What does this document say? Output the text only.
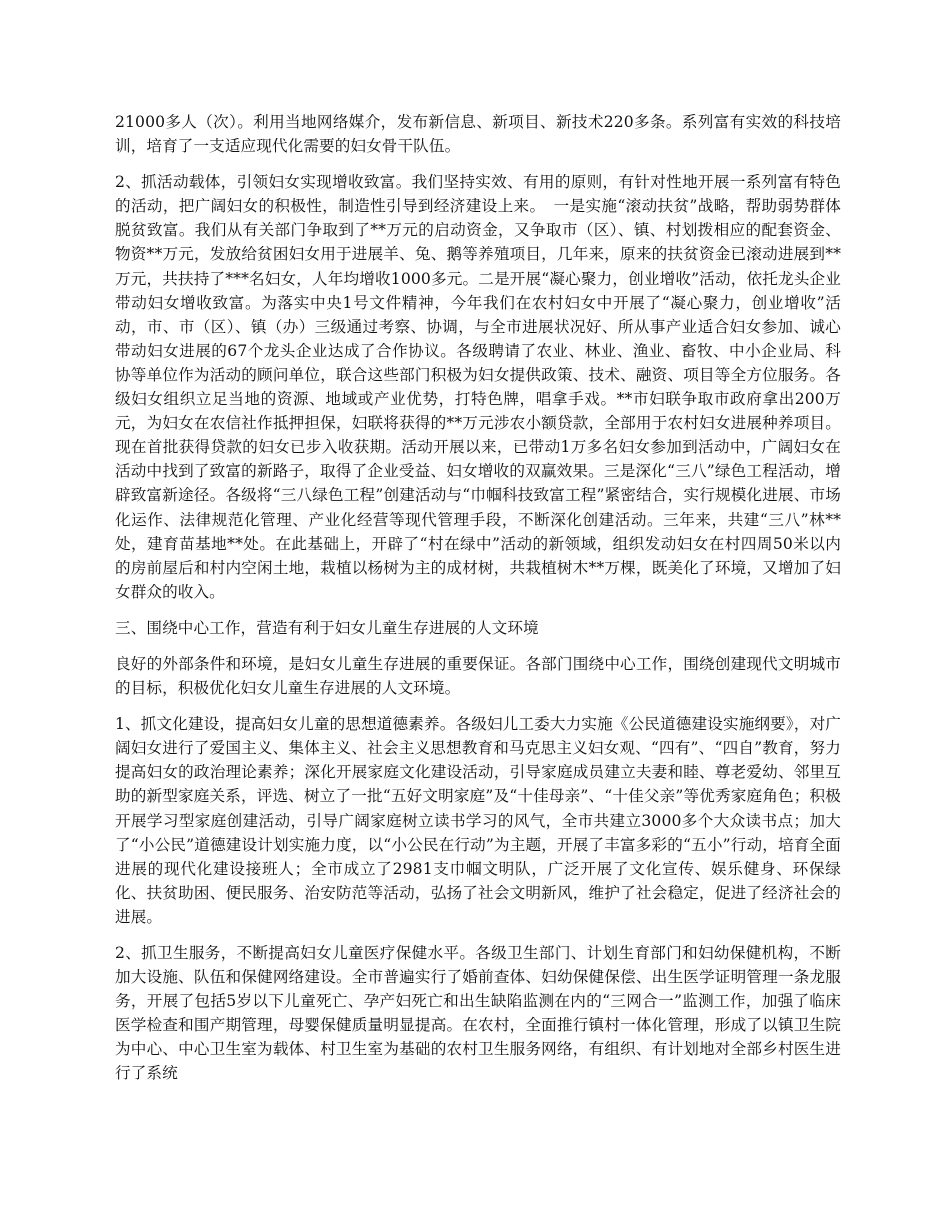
21000多人（次）。利用当地网络媒介，发布新信息、新项目、新技术220多条。系列富有实效的科技培训，培育了一支适应现代化需要的妇女骨干队伍。

2、抓活动载体，引领妇女实现增收致富。我们坚持实效、有用的原则，有针对性地开展一系列富有特色的活动，把广阔妇女的积极性，制造性引导到经济建设上来。　一是实施“滚动扶贫”战略，帮助弱势群体脱贫致富。我们从有关部门争取到了**万元的启动资金，又争取市（区）、镇、村划拨相应的配套资金、物资**万元，发放给贫困妇女用于进展羊、兔、鹅等养殖项目，几年来，原来的扶贫资金已滚动进展到**万元，共扶持了***名妇女，人年均增收1000多元。二是开展“凝心聚力，创业增收”活动，依托龙头企业带动妇女增收致富。为落实中央1号文件精神，今年我们在农村妇女中开展了“凝心聚力，创业增收”活动，市、市（区）、镇（办）三级通过考察、协调，与全市进展状况好、所从事产业适合妇女参加、诚心带动妇女进展的67个龙头企业达成了合作协议。各级聘请了农业、林业、渔业、畜牧、中小企业局、科协等单位作为活动的顾问单位，联合这些部门积极为妇女提供政策、技术、融资、项目等全方位服务。各级妇女组织立足当地的资源、地域或产业优势，打特色牌，唱拿手戏。**市妇联争取市政府拿出200万元，为妇女在农信社作抵押担保，妇联将获得的**万元涉农小额贷款，全部用于农村妇女进展种养项目。现在首批获得贷款的妇女已步入收获期。活动开展以来，已带动1万多名妇女参加到活动中，广阔妇女在活动中找到了致富的新路子，取得了企业受益、妇女增收的双赢效果。三是深化“三八”绿色工程活动，增辟致富新途径。各级将“三八绿色工程”创建活动与“巾帼科技致富工程”紧密结合，实行规模化进展、市场化运作、法律规范化管理、产业化经营等现代管理手段，不断深化创建活动。三年来，共建“三八”林**处，建育苗基地**处。在此基础上，开辟了“村在绿中”活动的新领域，组织发动妇女在村四周50米以内的房前屋后和村内空闲土地，栽植以杨树为主的成材树，共栽植树木**万棵，既美化了环境，又增加了妇女群众的收入。

三、围绕中心工作，营造有利于妇女儿童生存进展的人文环境

良好的外部条件和环境，是妇女儿童生存进展的重要保证。各部门围绕中心工作，围绕创建现代文明城市的目标，积极优化妇女儿童生存进展的人文环境。

1、抓文化建设，提高妇女儿童的思想道德素养。各级妇儿工委大力实施《公民道德建设实施纲要》，对广阔妇女进行了爱国主义、集体主义、社会主义思想教育和马克思主义妇女观、“四有”、“四自”教育，努力提高妇女的政治理论素养；深化开展家庭文化建设活动，引导家庭成员建立夫妻和睦、尊老爱幼、邻里互助的新型家庭关系，评选、树立了一批“五好文明家庭”及“十佳母亲”、“十佳父亲”等优秀家庭角色；积极开展学习型家庭创建活动，引导广阔家庭树立读书学习的风气，全市共建立3000多个大众读书点；加大了“小公民”道德建设计划实施力度，以“小公民在行动”为主题，开展了丰富多彩的“五小”行动，培育全面进展的现代化建设接班人；全市成立了2981支巾帼文明队，广泛开展了文化宣传、娱乐健身、环保绿化、扶贫助困、便民服务、治安防范等活动，弘扬了社会文明新风，维护了社会稳定，促进了经济社会的进展。

2、抓卫生服务，不断提高妇女儿童医疗保健水平。各级卫生部门、计划生育部门和妇幼保健机构，不断加大设施、队伍和保健网络建设。全市普遍实行了婚前查体、妇幼保健保偿、出生医学证明管理一条龙服务，开展了包括5岁以下儿童死亡、孕产妇死亡和出生缺陷监测在内的“三网合一”监测工作，加强了临床医学检查和围产期管理，母婴保健质量明显提高。在农村，全面推行镇村一体化管理，形成了以镇卫生院为中心、中心卫生室为载体、村卫生室为基础的农村卫生服务网络，有组织、有计划地对全部乡村医生进行了系统
